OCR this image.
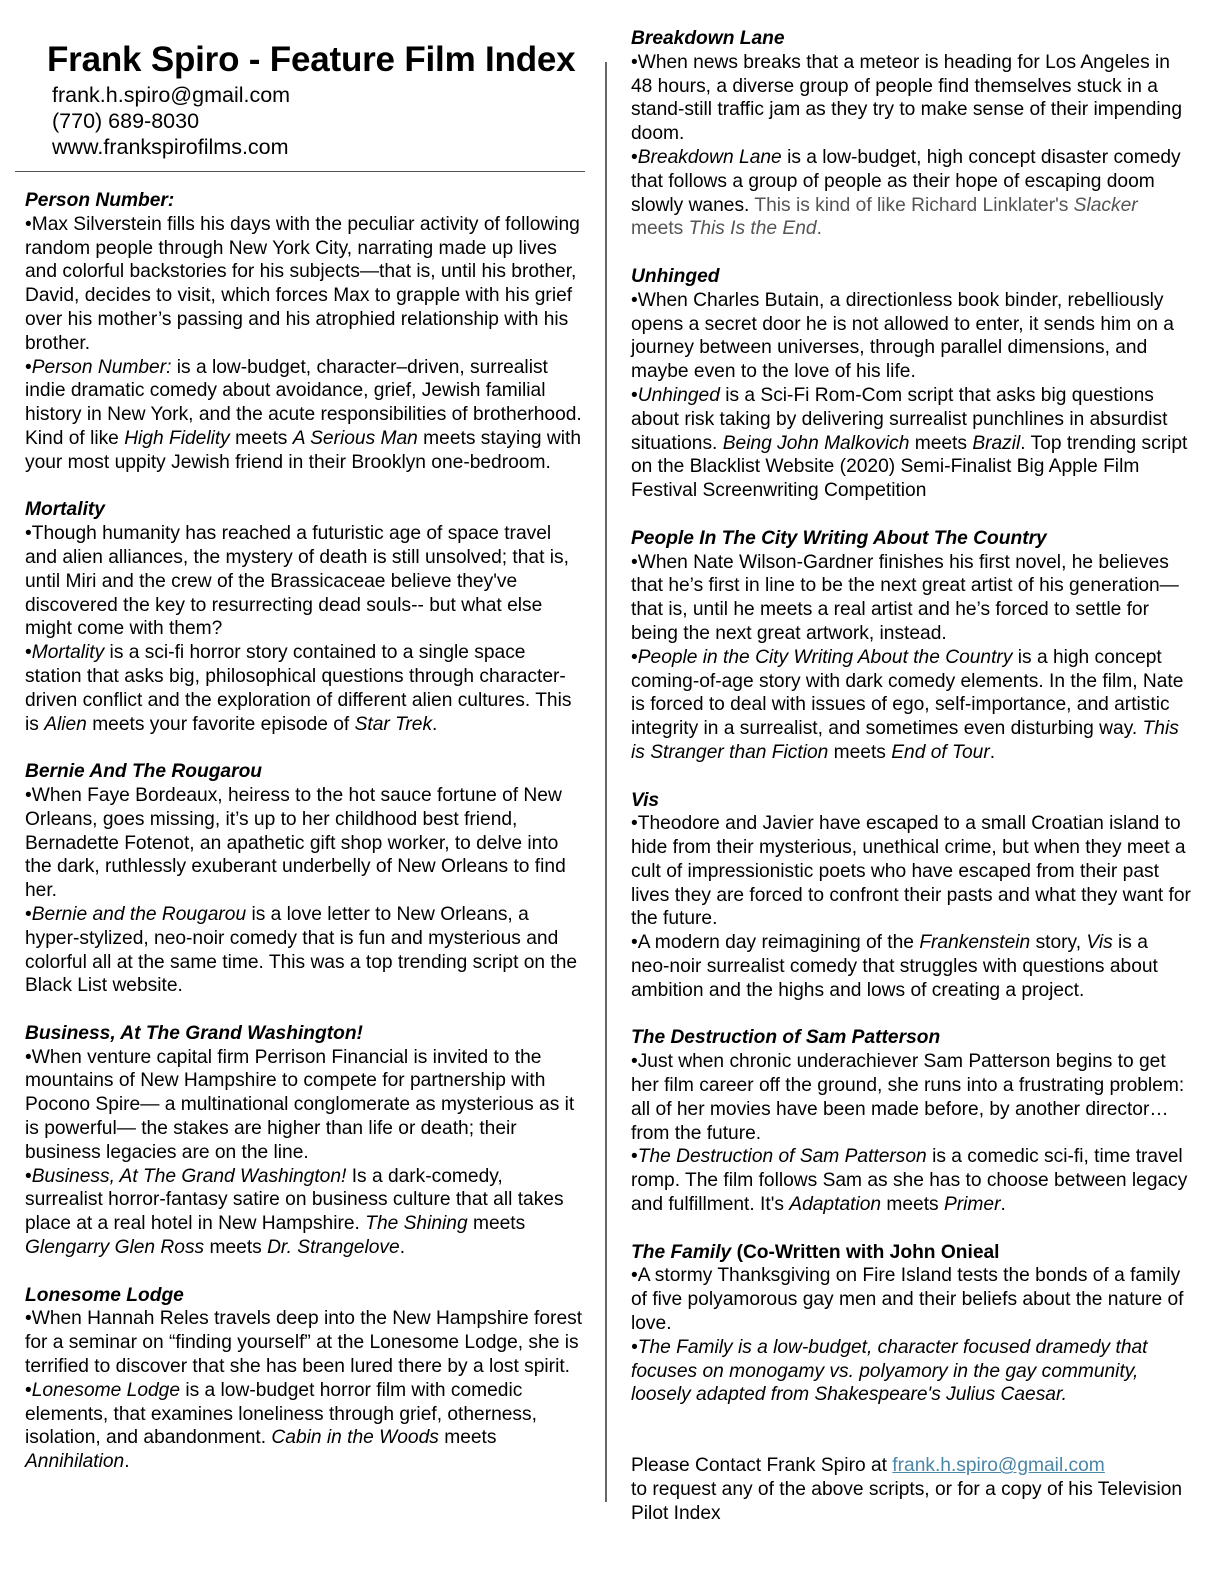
Frank Spiro - Feature Film Index
frank.h.spiro@gmail.com
(770) 689-8030
www.frankspirofilms.com
Person Number:

•Max Silverstein fills his days with the peculiar activity of following random people through New York City, narrating made up lives and colorful backstories for his subjects—that is, until his brother, David, decides to visit, which forces Max to grapple with his grief over his mother’s passing and his atrophied relationship with his brother.

•Person Number: is a low-budget, character–driven, surrealist indie dramatic comedy about avoidance, grief, Jewish familial history in New York, and the acute responsibilities of brotherhood. Kind of like High Fidelity meets A Serious Man meets staying with your most uppity Jewish friend in their Brooklyn one-bedroom.

Mortality

•Though humanity has reached a futuristic age of space travel and alien alliances, the mystery of death is still unsolved; that is, until Miri and the crew of the Brassicaceae believe they've discovered the key to resurrecting dead souls-- but what else might come with them?

•Mortality is a sci-fi horror story contained to a single space station that asks big, philosophical questions through character-driven conflict and the exploration of different alien cultures. This is Alien meets your favorite episode of Star Trek.

Bernie And The Rougarou

•When Faye Bordeaux, heiress to the hot sauce fortune of New Orleans, goes missing, it’s up to her childhood best friend, Bernadette Fotenot, an apathetic gift shop worker, to delve into the dark, ruthlessly exuberant underbelly of New Orleans to find her.

•Bernie and the Rougarou is a love letter to New Orleans, a hyper-stylized, neo-noir comedy that is fun and mysterious and colorful all at the same time. This was a top trending script on the Black List website.

Business, At The Grand Washington!

•When venture capital firm Perrison Financial is invited to the mountains of New Hampshire to compete for partnership with Pocono Spire— a multinational conglomerate as mysterious as it is powerful— the stakes are higher than life or death; their business legacies are on the line.

•Business, At The Grand Washington! Is a dark-comedy, surrealist horror-fantasy satire on business culture that all takes place at a real hotel in New Hampshire. The Shining meets Glengarry Glen Ross meets Dr. Strangelove.

Lonesome Lodge

•When Hannah Reles travels deep into the New Hampshire forest for a seminar on “finding yourself” at the Lonesome Lodge, she is terrified to discover that she has been lured there by a lost spirit.

•Lonesome Lodge is a low-budget horror film with comedic elements, that examines loneliness through grief, otherness, isolation, and abandonment. Cabin in the Woods meets Annihilation.

Breakdown Lane

•When news breaks that a meteor is heading for Los Angeles in 48 hours, a diverse group of people find themselves stuck in a stand-still traffic jam as they try to make sense of their impending doom.

•Breakdown Lane is a low-budget, high concept disaster comedy that follows a group of people as their hope of escaping doom slowly wanes. This is kind of like Richard Linklater's Slacker meets This Is the End.

Unhinged

•When Charles Butain, a directionless book binder, rebelliously opens a secret door he is not allowed to enter, it sends him on a journey between universes, through parallel dimensions, and maybe even to the love of his life.

•Unhinged is a Sci-Fi Rom-Com script that asks big questions about risk taking by delivering surrealist punchlines in absurdist situations. Being John Malkovich meets Brazil. Top trending script on the Blacklist Website (2020) Semi-Finalist Big Apple Film Festival Screenwriting Competition

People In The City Writing About The Country

•When Nate Wilson-Gardner finishes his first novel, he believes that he’s first in line to be the next great artist of his generation— that is, until he meets a real artist and he’s forced to settle for being the next great artwork, instead.

•People in the City Writing About the Country is a high concept coming-of-age story with dark comedy elements. In the film, Nate is forced to deal with issues of ego, self-importance, and artistic integrity in a surrealist, and sometimes even disturbing way. This is Stranger than Fiction meets End of Tour.

Vis

•Theodore and Javier have escaped to a small Croatian island to hide from their mysterious, unethical crime, but when they meet a cult of impressionistic poets who have escaped from their past lives they are forced to confront their pasts and what they want for the future.

•A modern day reimagining of the Frankenstein story, Vis is a neo-noir surrealist comedy that struggles with questions about ambition and the highs and lows of creating a project.

The Destruction of Sam Patterson

•Just when chronic underachiever Sam Patterson begins to get her film career off the ground, she runs into a frustrating problem: all of her movies have been made before, by another director… from the future.

•The Destruction of Sam Patterson is a comedic sci-fi, time travel romp. The film follows Sam as she has to choose between legacy and fulfillment. It's Adaptation meets Primer.

The Family (Co-Written with John Onieal

•A stormy Thanksgiving on Fire Island tests the bonds of a family of five polyamorous gay men and their beliefs about the nature of love.

•The Family is a low-budget, character focused dramedy that focuses on monogamy vs. polyamory in the gay community, loosely adapted from Shakespeare's Julius Caesar.

Please Contact Frank Spiro at frank.h.spiro@gmail.com

to request any of the above scripts, or for a copy of his Television Pilot Index
